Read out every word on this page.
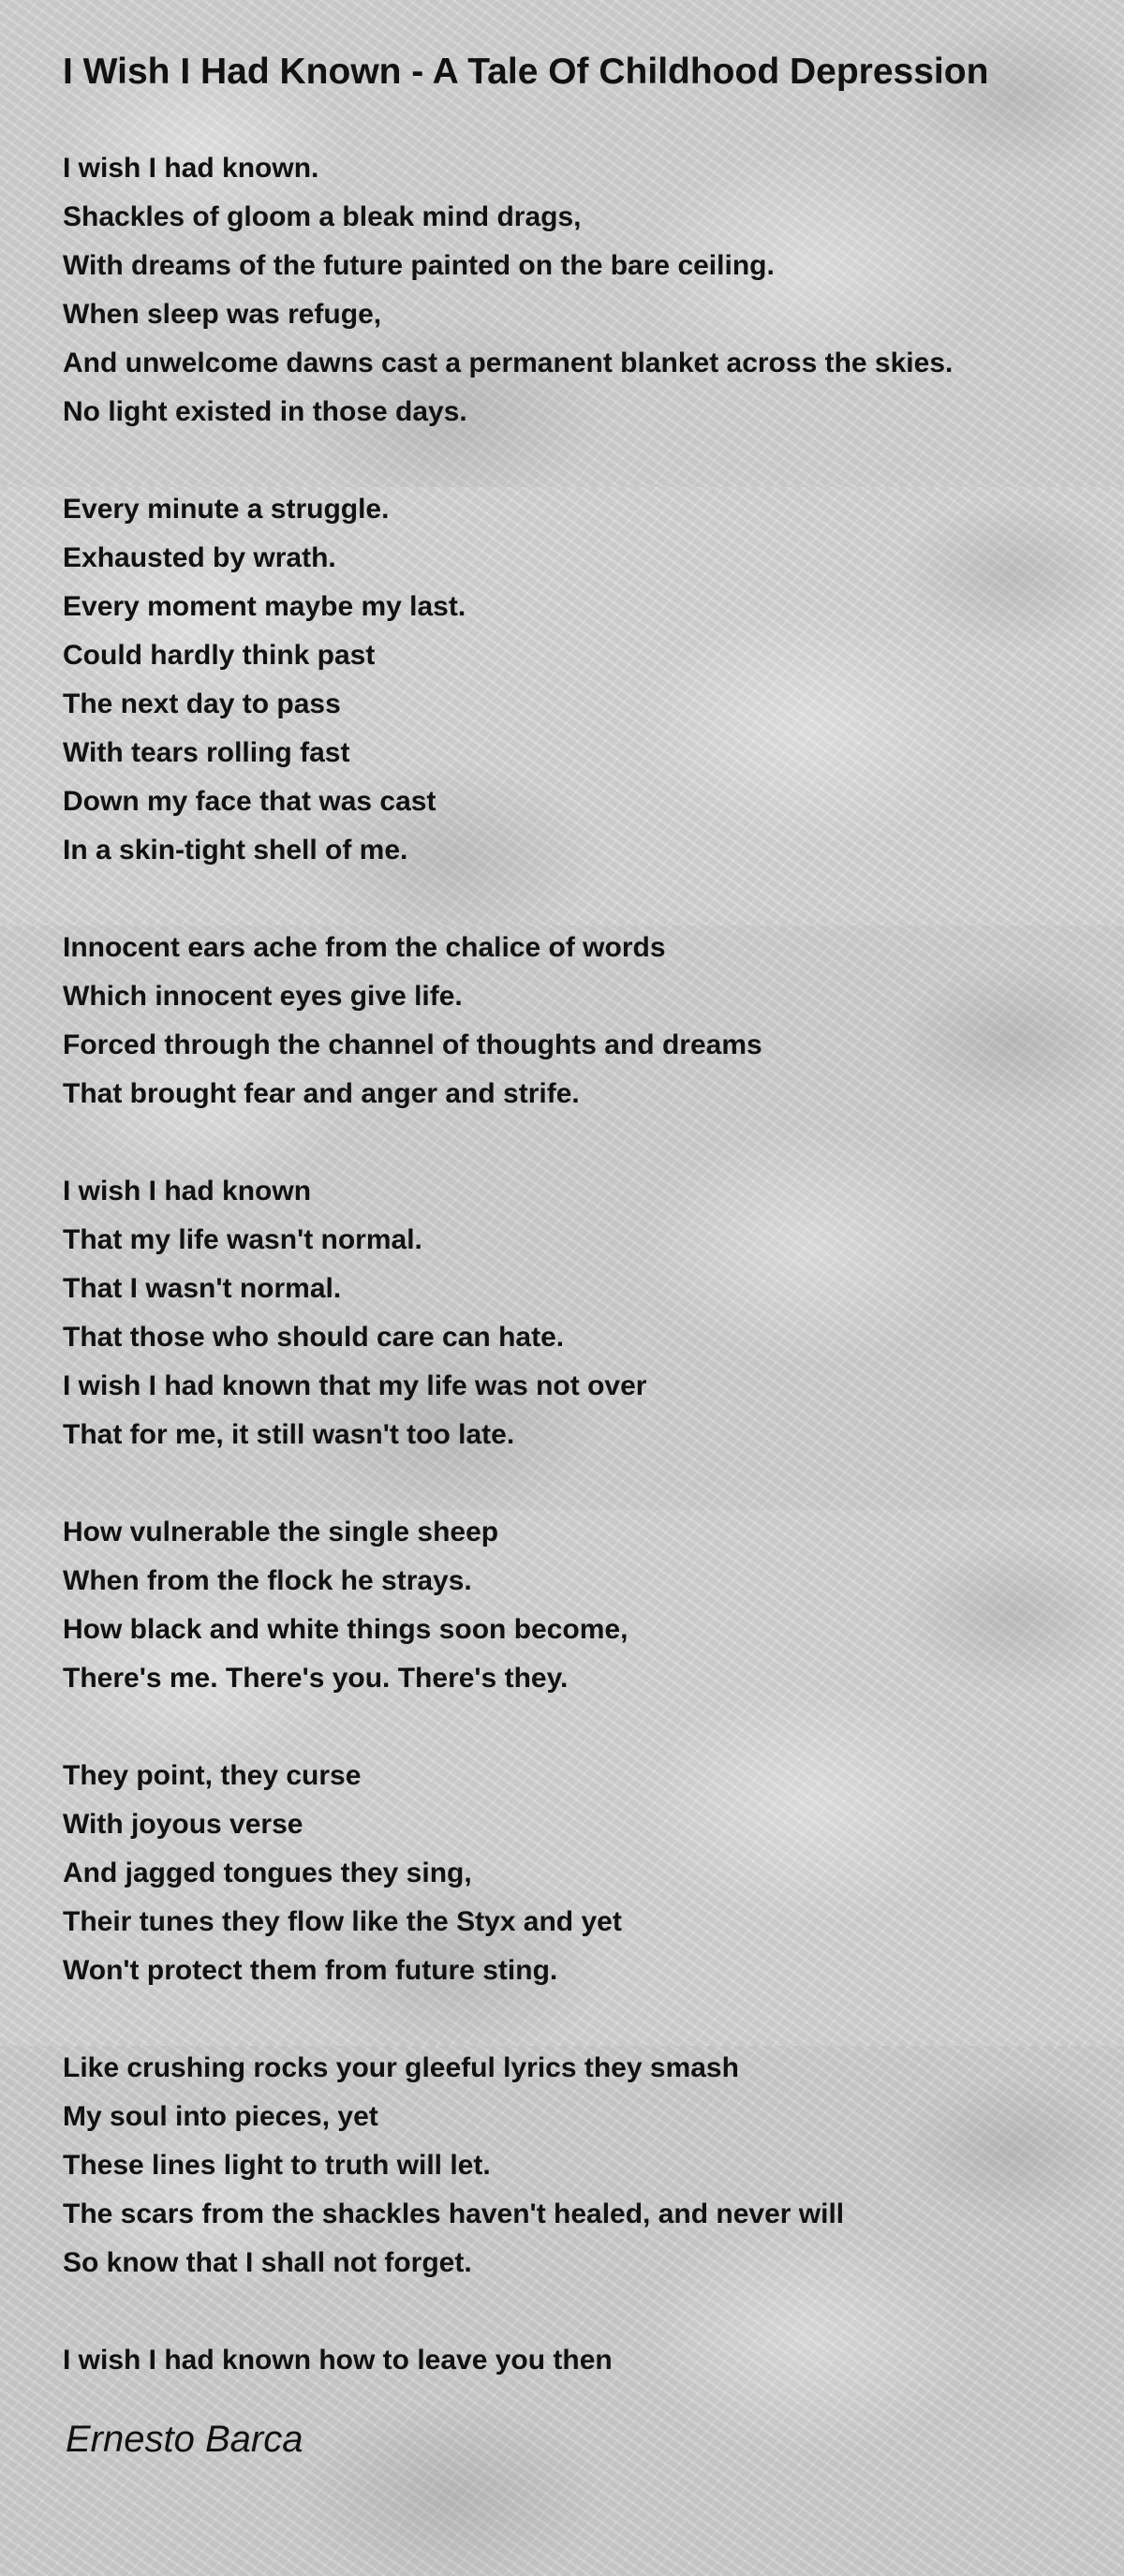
I Wish I Had Known - A Tale Of Childhood Depression
I wish I had known.
Shackles of gloom a bleak mind drags,
With dreams of the future painted on the bare ceiling.
When sleep was refuge,
And unwelcome dawns cast a permanent blanket across the skies.
No light existed in those days.
Every minute a struggle.
Exhausted by wrath.
Every moment maybe my last.
Could hardly think past
The next day to pass
With tears rolling fast
Down my face that was cast
In a skin-tight shell of me.
Innocent ears ache from the chalice of words
Which innocent eyes give life.
Forced through the channel of thoughts and dreams
That brought fear and anger and strife.
I wish I had known
That my life wasn't normal.
That I wasn't normal.
That those who should care can hate.
I wish I had known that my life was not over
That for me, it still wasn't too late.
How vulnerable the single sheep
When from the flock he strays.
How black and white things soon become,
There's me. There's you. There's they.
They point, they curse
With joyous verse
And jagged tongues they sing,
Their tunes they flow like the Styx and yet
Won't protect them from future sting.
Like crushing rocks your gleeful lyrics they smash
My soul into pieces, yet
These lines light to truth will let.
The scars from the shackles haven't healed, and never will
So know that I shall not forget.
I wish I had known how to leave you then
Ernesto Barca
